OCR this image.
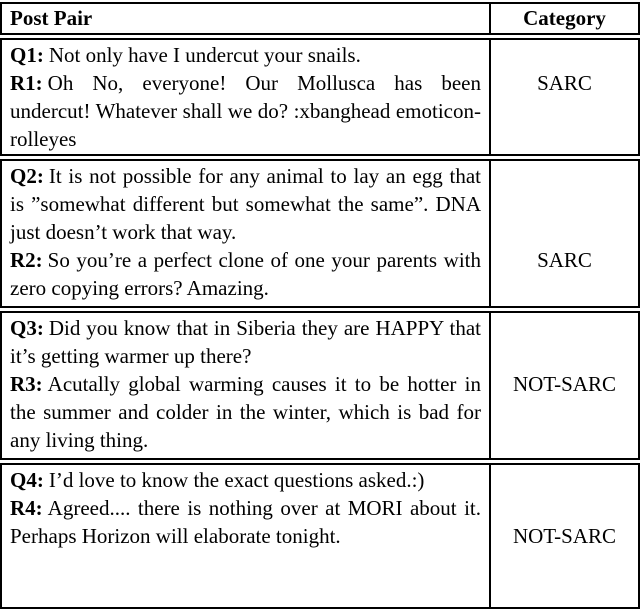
Post Pair	Category

Q1: Not only have I undercut your snails.

R1: Oh No, everyone! Our Mollusca has been undercut! Whatever shall we do? :xbanghead emoticon-rolleyes

SARC

Q2: It is not possible for any animal to lay an egg that is ”somewhat different but somewhat the same”. DNA just doesn’t work that way.

R2: So you’re a perfect clone of one your parents with zero copying errors? Amazing.

SARC

Q3: Did you know that in Siberia they are HAPPY that it’s getting warmer up there?

R3: Acutally global warming causes it to be hotter in the summer and colder in the winter, which is bad for any living thing.

NOT-SARC

Q4: I’d love to know the exact questions asked.:)

R4: Agreed.... there is nothing over at MORI about it. Perhaps Horizon will elaborate tonight.	NOT-SARC
